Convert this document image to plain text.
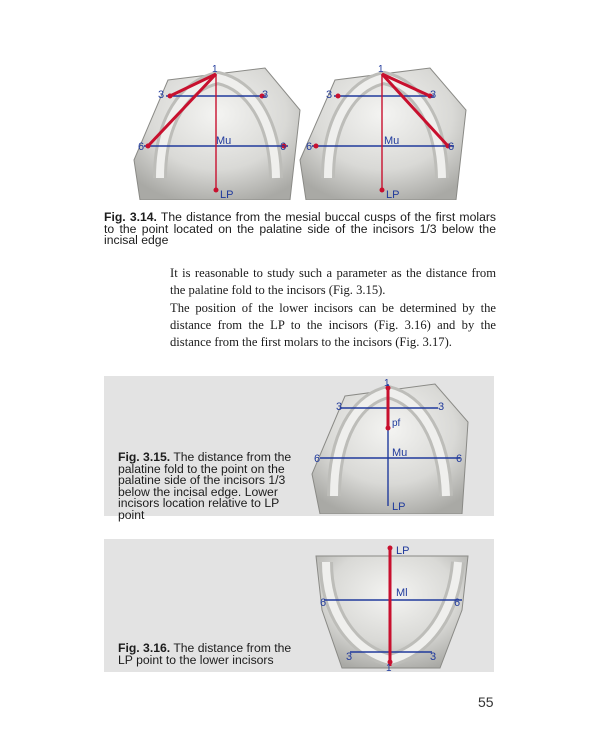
1
3	3
6	6
Mu
LP
1
3	3
6	6
Mu
LP
Fig. 3.14. The distance from the mesial buccal cusps of the first molars to the point located on the palatine side of the incisors 1/3 below the incisal edge

It is reasonable to study such a parameter as the distance from the palatine fold to the incisors (Fig. 3.15).

The position of the lower incisors can be determined by the distance from the LP to the incisors (Fig. 3.16) and by the distance from the first molars to the incisors (Fig. 3.17).

1
3	3
pf
6	6
Mu
LP
Fig. 3.15. The distance from the palatine fold to the point on the palatine side of the incisors 1/3 below the incisal edge. Lower incisors location relative to LP point
LP
Ml
6	6
3	3
1
Fig. 3.16. The distance from the LP point to the lower incisors
55
